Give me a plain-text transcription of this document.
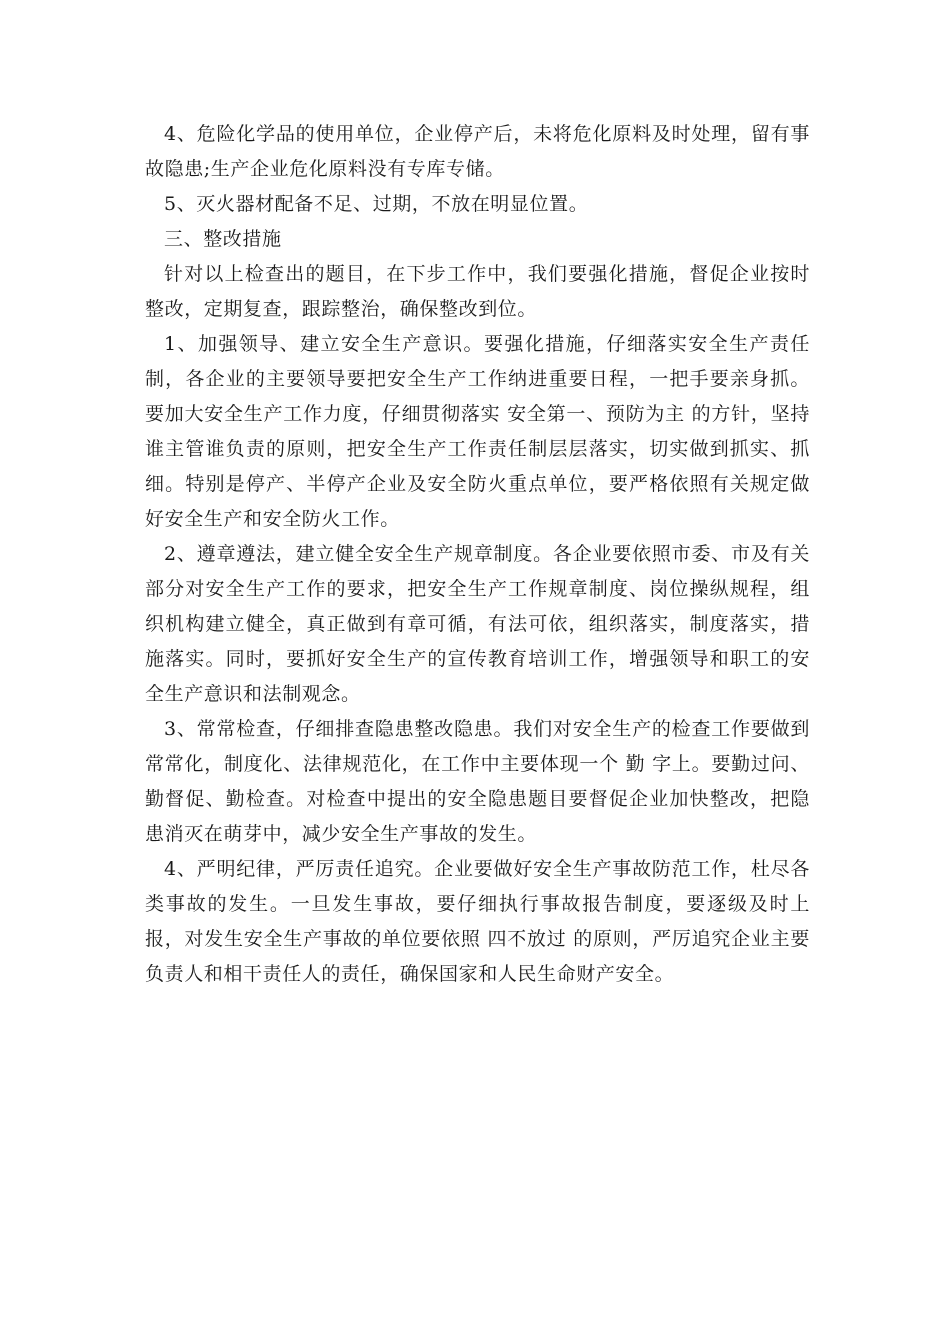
4、危险化学品的使用单位，企业停产后，未将危化原料及时处理，留有事故隐患;生产企业危化原料没有专库专储。

5、灭火器材配备不足、过期，不放在明显位置。

三、整改措施

针对以上检查出的题目，在下步工作中，我们要强化措施，督促企业按时整改，定期复查，跟踪整治，确保整改到位。

1、加强领导、建立安全生产意识。要强化措施，仔细落实安全生产责任制，各企业的主要领导要把安全生产工作纳进重要日程，一把手要亲身抓。要加大安全生产工作力度，仔细贯彻落实 安全第一、预防为主 的方针，坚持谁主管谁负责的原则，把安全生产工作责任制层层落实，切实做到抓实、抓细。特别是停产、半停产企业及安全防火重点单位，要严格依照有关规定做好安全生产和安全防火工作。

2、遵章遵法，建立健全安全生产规章制度。各企业要依照市委、市及有关部分对安全生产工作的要求，把安全生产工作规章制度、岗位操纵规程，组织机构建立健全，真正做到有章可循，有法可依，组织落实，制度落实，措施落实。同时，要抓好安全生产的宣传教育培训工作，增强领导和职工的安全生产意识和法制观念。

3、常常检查，仔细排查隐患整改隐患。我们对安全生产的检查工作要做到常常化，制度化、法律规范化，在工作中主要体现一个 勤 字上。要勤过问、勤督促、勤检查。对检查中提出的安全隐患题目要督促企业加快整改，把隐患消灭在萌芽中，减少安全生产事故的发生。

4、严明纪律，严厉责任追究。企业要做好安全生产事故防范工作，杜尽各类事故的发生。一旦发生事故，要仔细执行事故报告制度，要逐级及时上报，对发生安全生产事故的单位要依照 四不放过 的原则，严厉追究企业主要负责人和相干责任人的责任，确保国家和人民生命财产安全。
